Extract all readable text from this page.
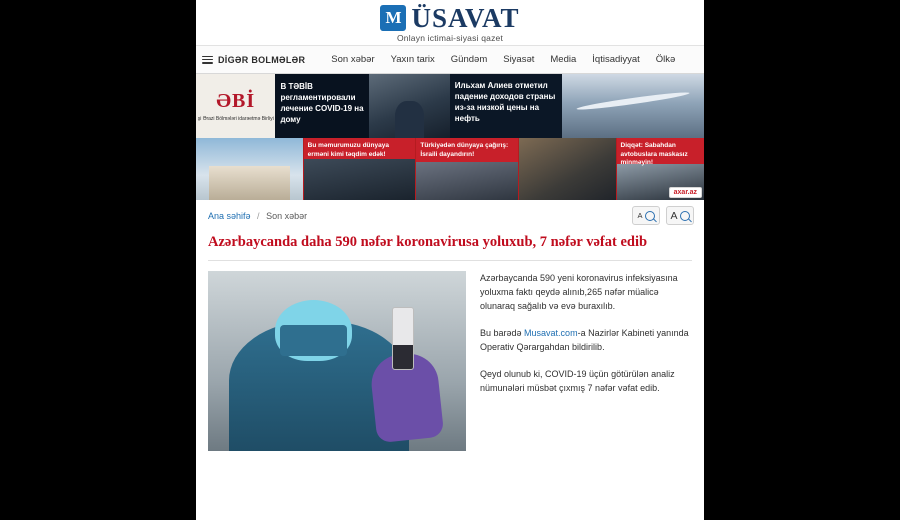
M
ÜSAVAT
Onlayn ictimai-siyasi qazet
DİGƏR BOLMƏLƏR	Son xəbər Yaxın tarix Gündəm Siyasət Media İqtisadiyyat Ölkə
ƏBİ
şi Ərazi Bölmələri idarəetmə Birliyi
В ТӘBİB регламентировали лечение COVID-19 на дому
Ильхам Алиев отметил падение доходов страны из-за низкой цены на нефть
Bu məmurumuzu dünyaya erməni kimi təqdim edək!
Türkiyədən dünyaya çağırış: İsraili dayandırın!
Diqqət: Sabahdan avtobuslara maskasız minməyin!
axar.az
Ana səhifə / Son xəbər	A	A
Azərbaycanda daha 590 nəfər koronavirusa yoluxub, 7 nəfər vəfat edib

Azərbaycanda 590 yeni koronavirus infeksiyasına yoluxma faktı qeydə alınıb,265 nəfər müalicə olunaraq sağalıb və evə buraxılıb.

Bu barədə Musavat.com-a Nazirlər Kabineti yanında Operativ Qərargahdan bildirilib.

Qeyd olunub ki, COVID-19 üçün götürülən analiz nümunələri müsbət çıxmış 7 nəfər vəfat edib.
